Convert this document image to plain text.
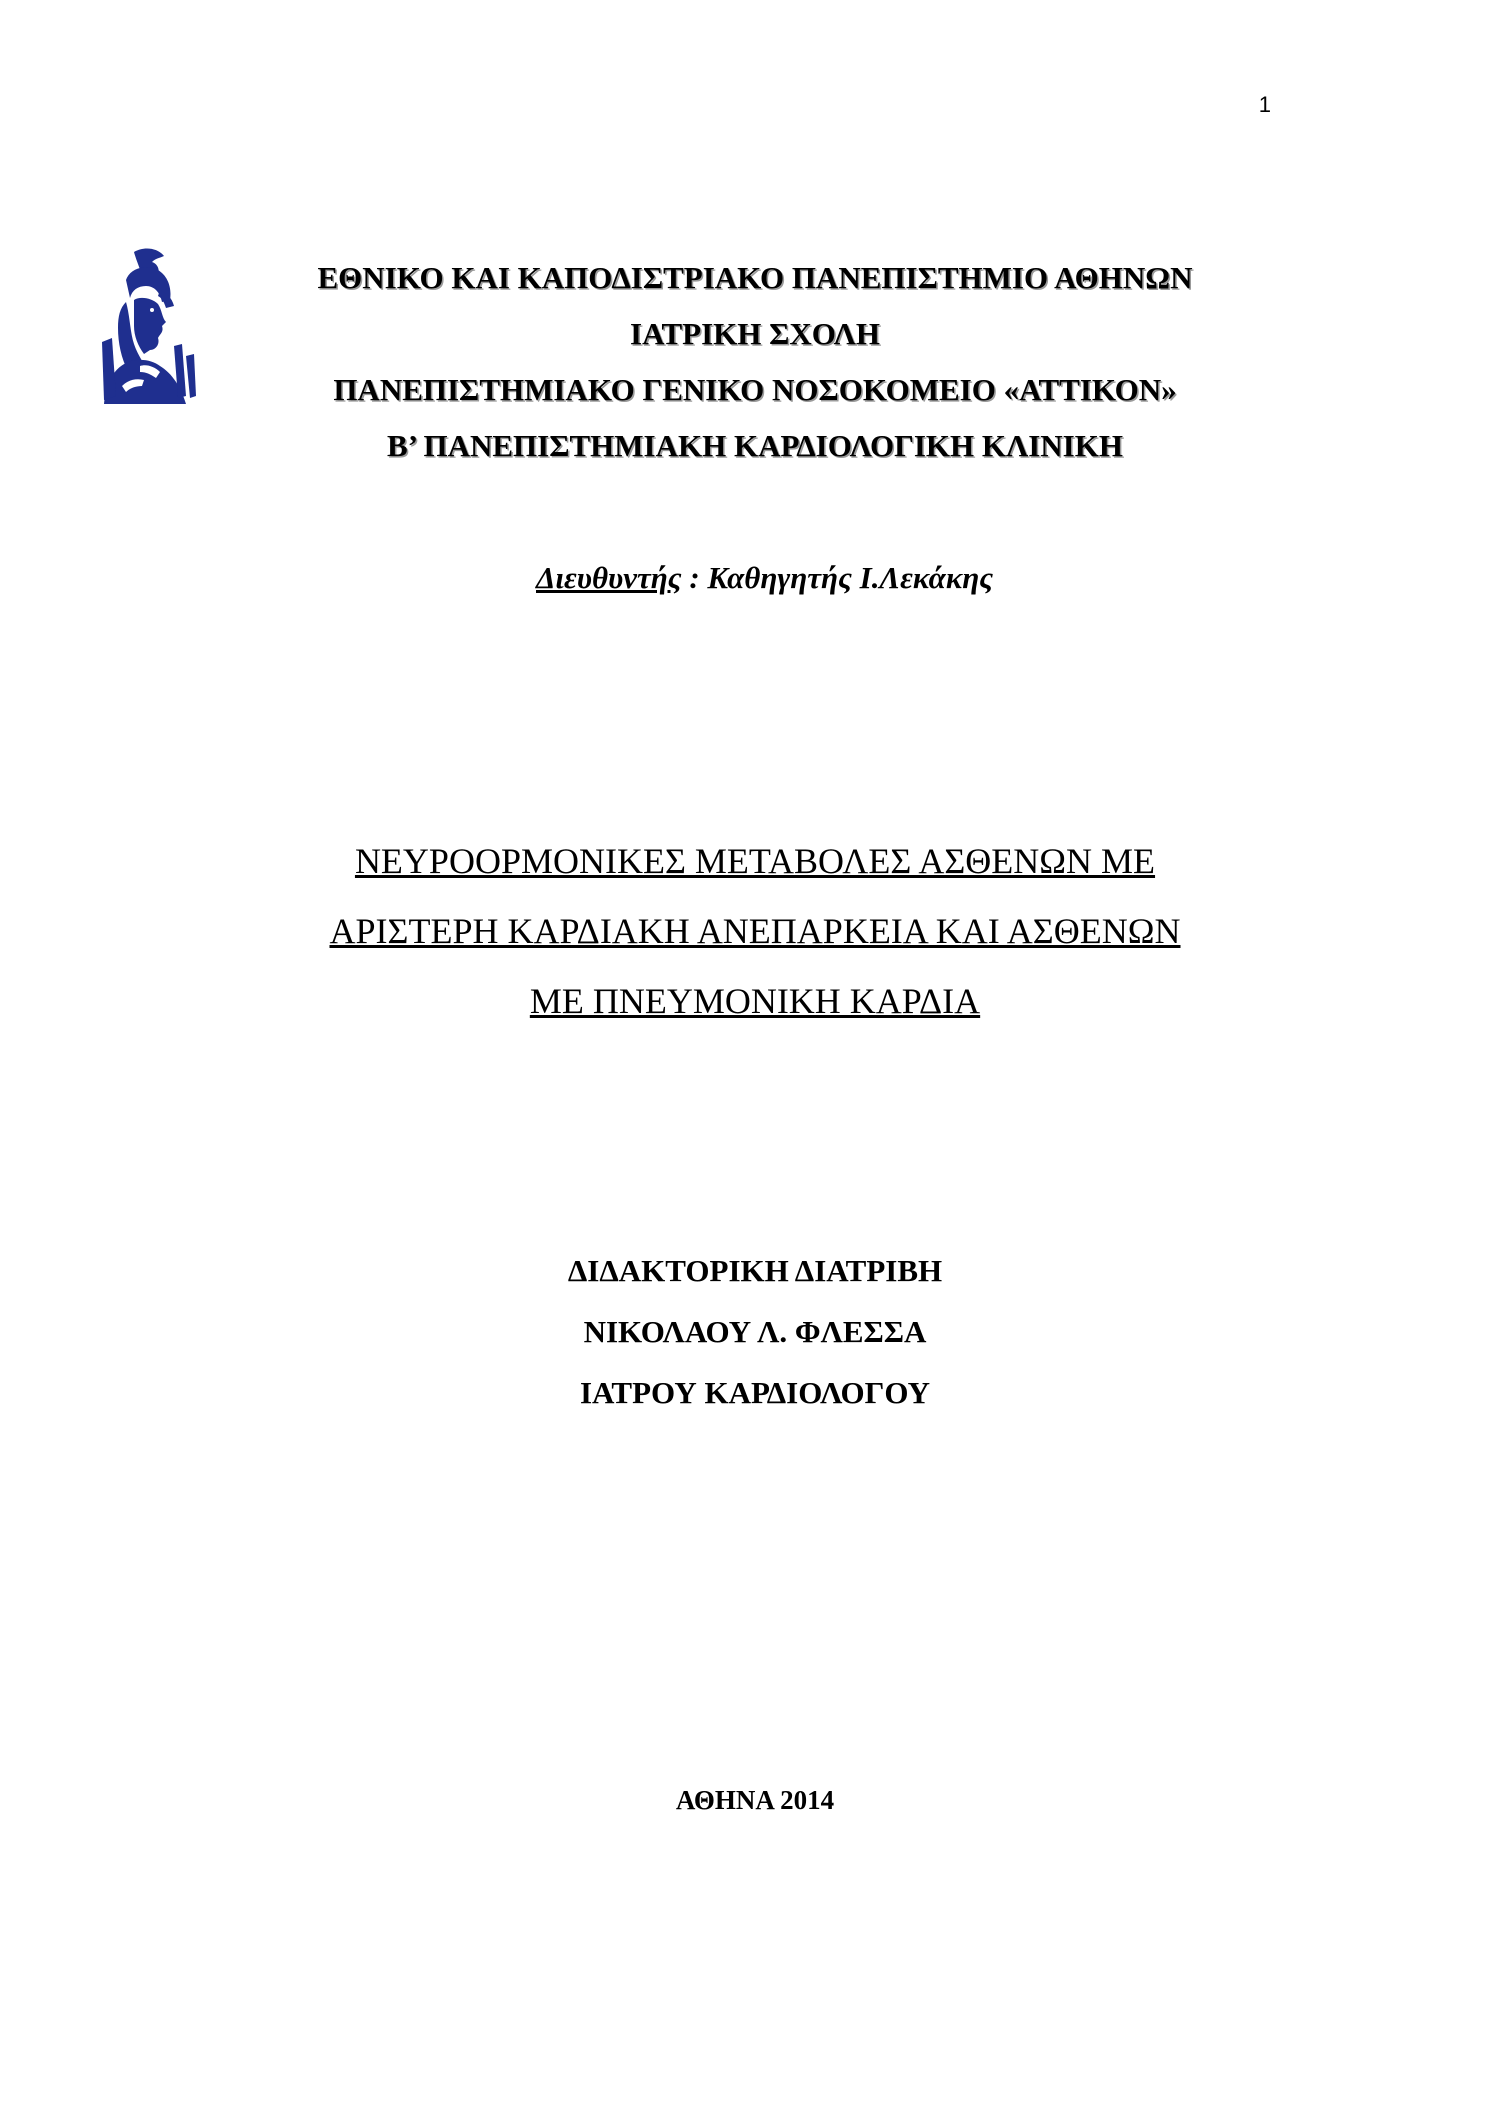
1
ΕΘΝΙΚΟ ΚΑΙ ΚΑΠΟΔΙΣΤΡΙΑΚΟ ΠΑΝΕΠΙΣΤΗΜΙΟ ΑΘΗΝΩΝ
ΙΑΤΡΙΚΗ ΣΧΟΛΗ
ΠΑΝΕΠΙΣΤΗΜΙΑΚΟ ΓΕΝΙΚΟ ΝΟΣΟΚΟΜΕΙΟ «ΑΤΤΙΚΟΝ»
Β’ ΠΑΝΕΠΙΣΤΗΜΙΑΚΗ ΚΑΡΔΙΟΛΟΓΙΚΗ ΚΛΙΝΙΚΗ
Διευθυντής : Καθηγητής Ι.Λεκάκης
ΝΕΥΡΟΟΡΜΟΝΙΚΕΣ ΜΕΤΑΒΟΛΕΣ ΑΣΘΕΝΩΝ ΜΕ
ΑΡΙΣΤΕΡΗ ΚΑΡΔΙΑΚΗ ΑΝΕΠΑΡΚΕΙΑ ΚΑΙ ΑΣΘΕΝΩΝ
ΜΕ ΠΝΕΥΜΟΝΙΚΗ ΚΑΡΔΙΑ
ΔΙΔΑΚΤΟΡΙΚΗ ΔΙΑΤΡΙΒΗ
ΝΙΚΟΛΑΟΥ Λ. ΦΛΕΣΣΑ
ΙΑΤΡΟΥ ΚΑΡΔΙΟΛΟΓΟΥ
ΑΘΗΝΑ 2014
